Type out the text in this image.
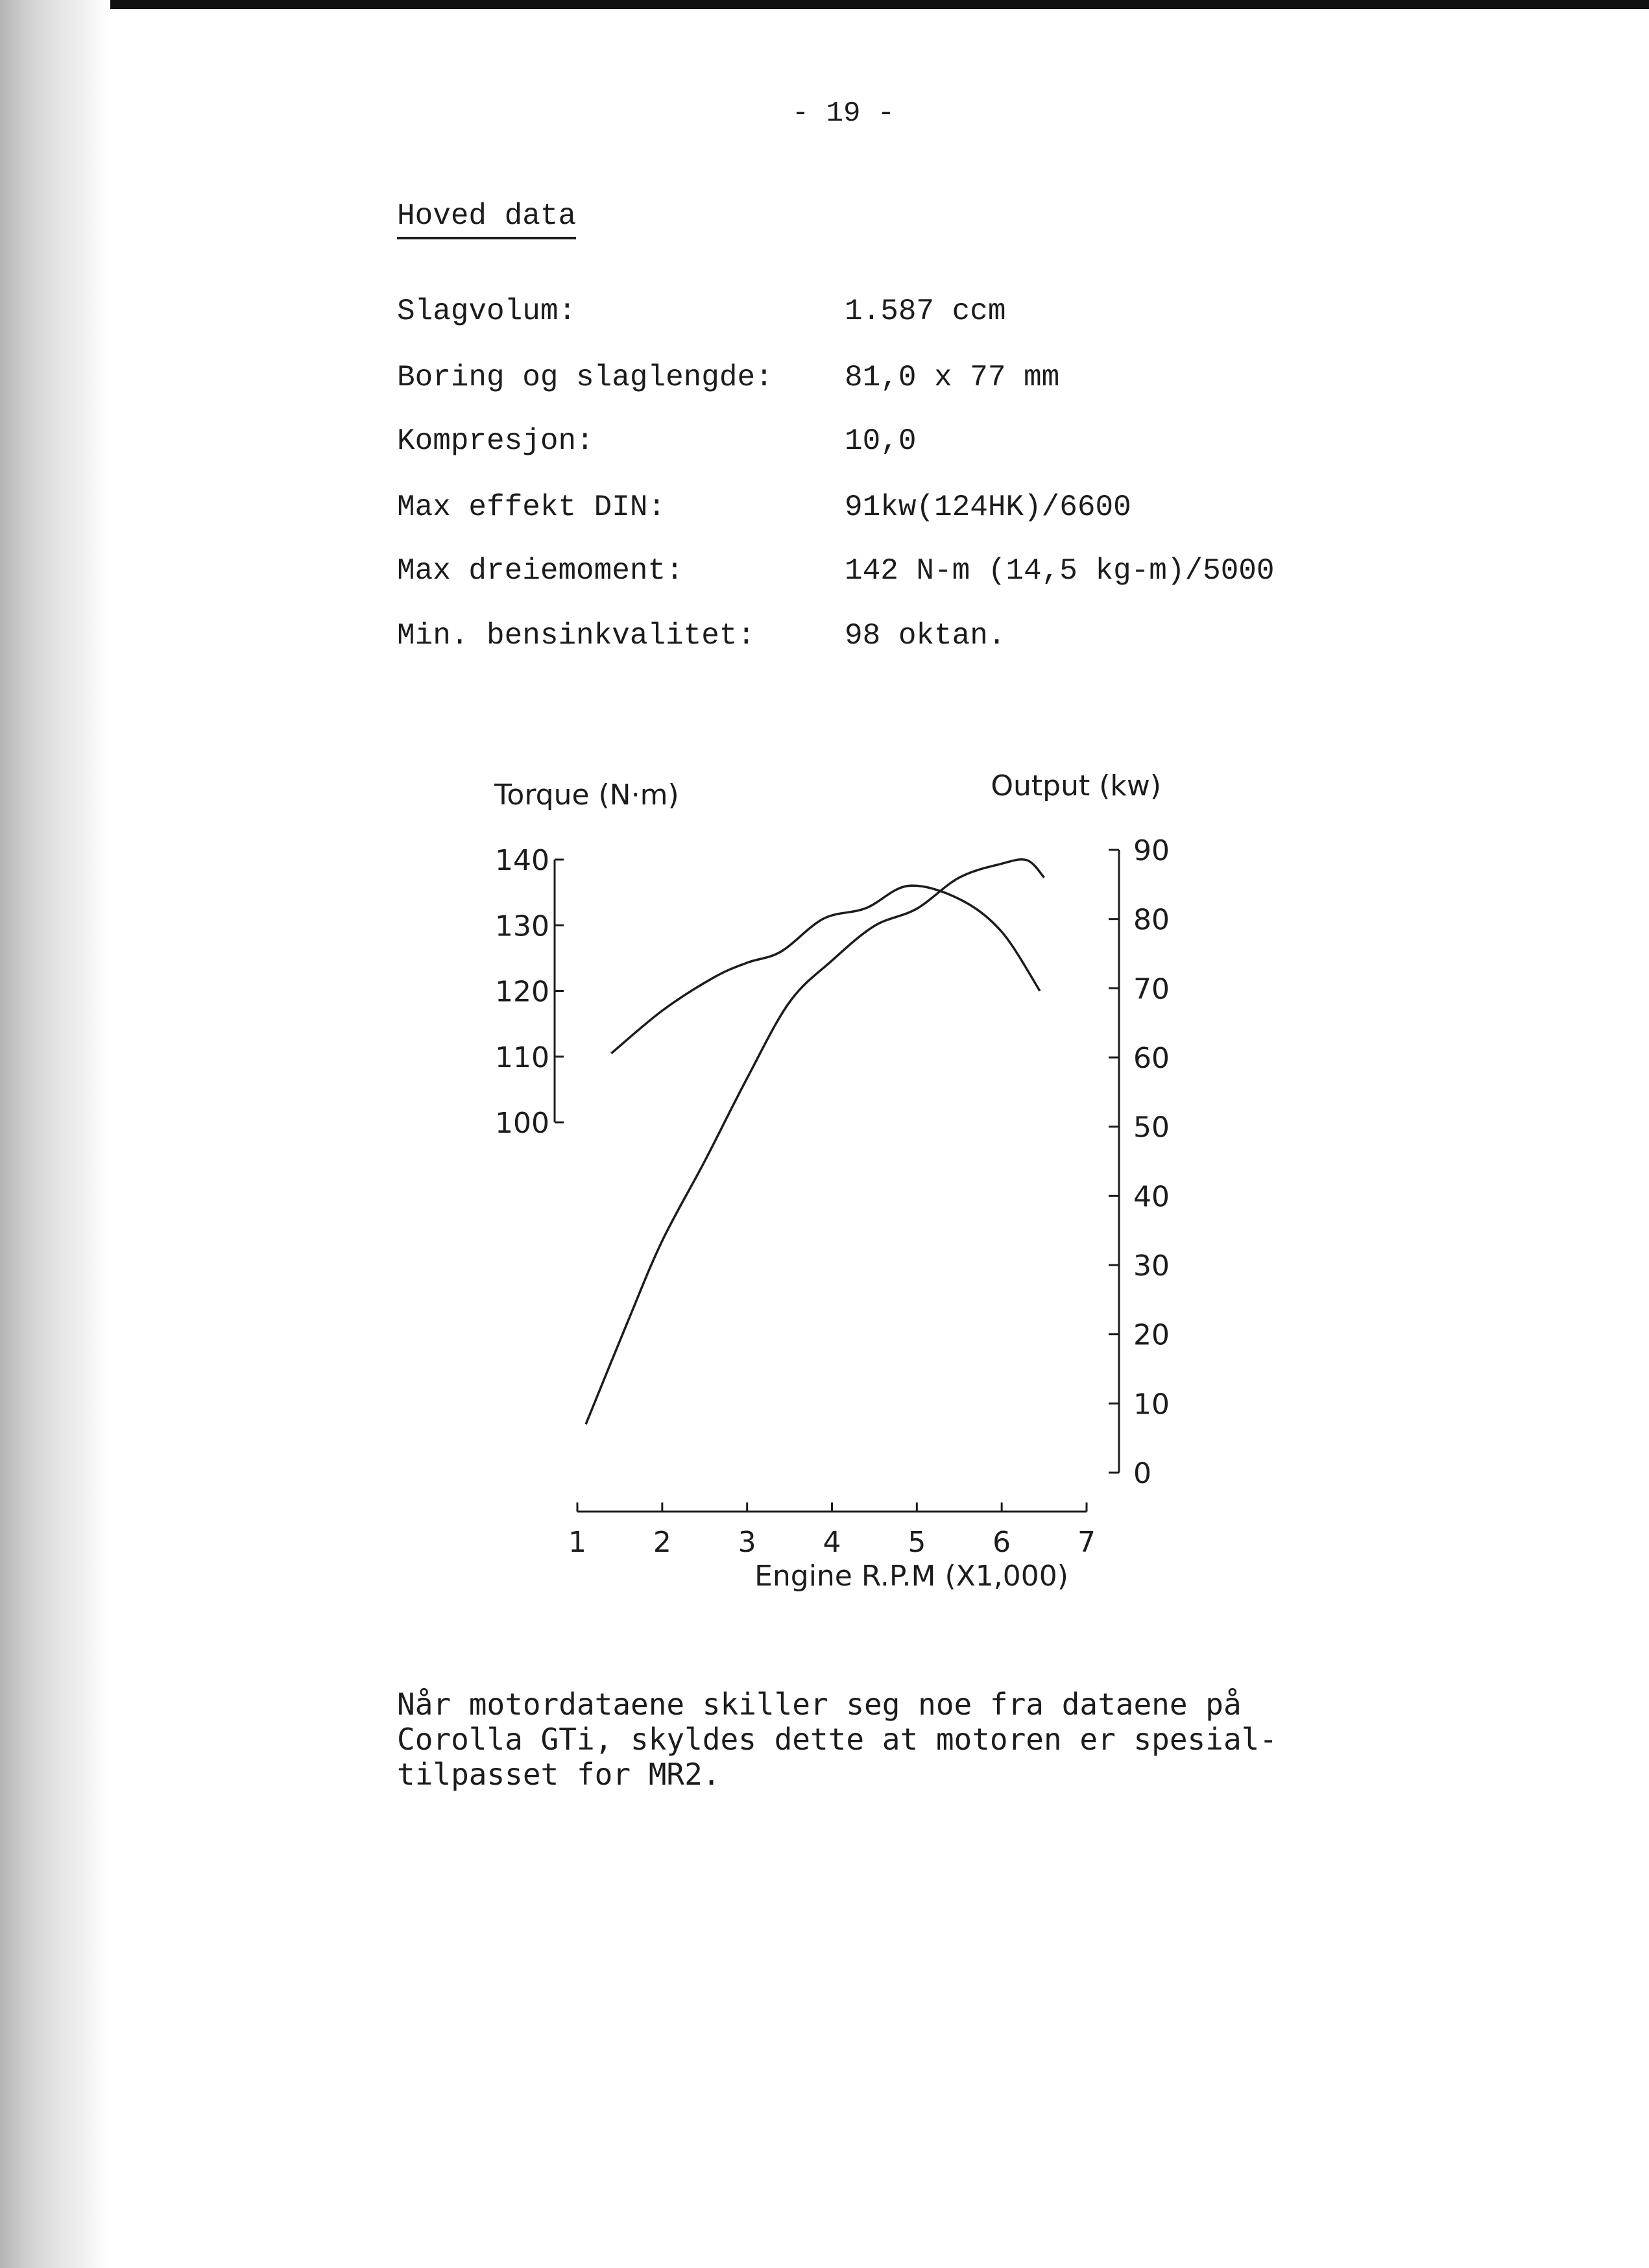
- 19 -
Hoved data
Slagvolum:	1.587 ccm
Boring og slaglengde: 81,0 x 77 mm
Kompresjon:	10,0
Max effekt DIN:	91kw(124HK)/6600
Max dreiemoment:	142 N-m (14,5 kg-m)/5000
Min. bensinkvalitet:	98 oktan.
Torque (N·m)	Output (kw)
Engine R.P.M (X1,000)
100
110
120
130
140
0
10
20
30
40
50
60
70
80
90
1 2 3 4 5 6 7
Når motordataene skiller seg noe fra dataene på
Corolla GTi, skyldes dette at motoren er spesial-
tilpasset for MR2.
